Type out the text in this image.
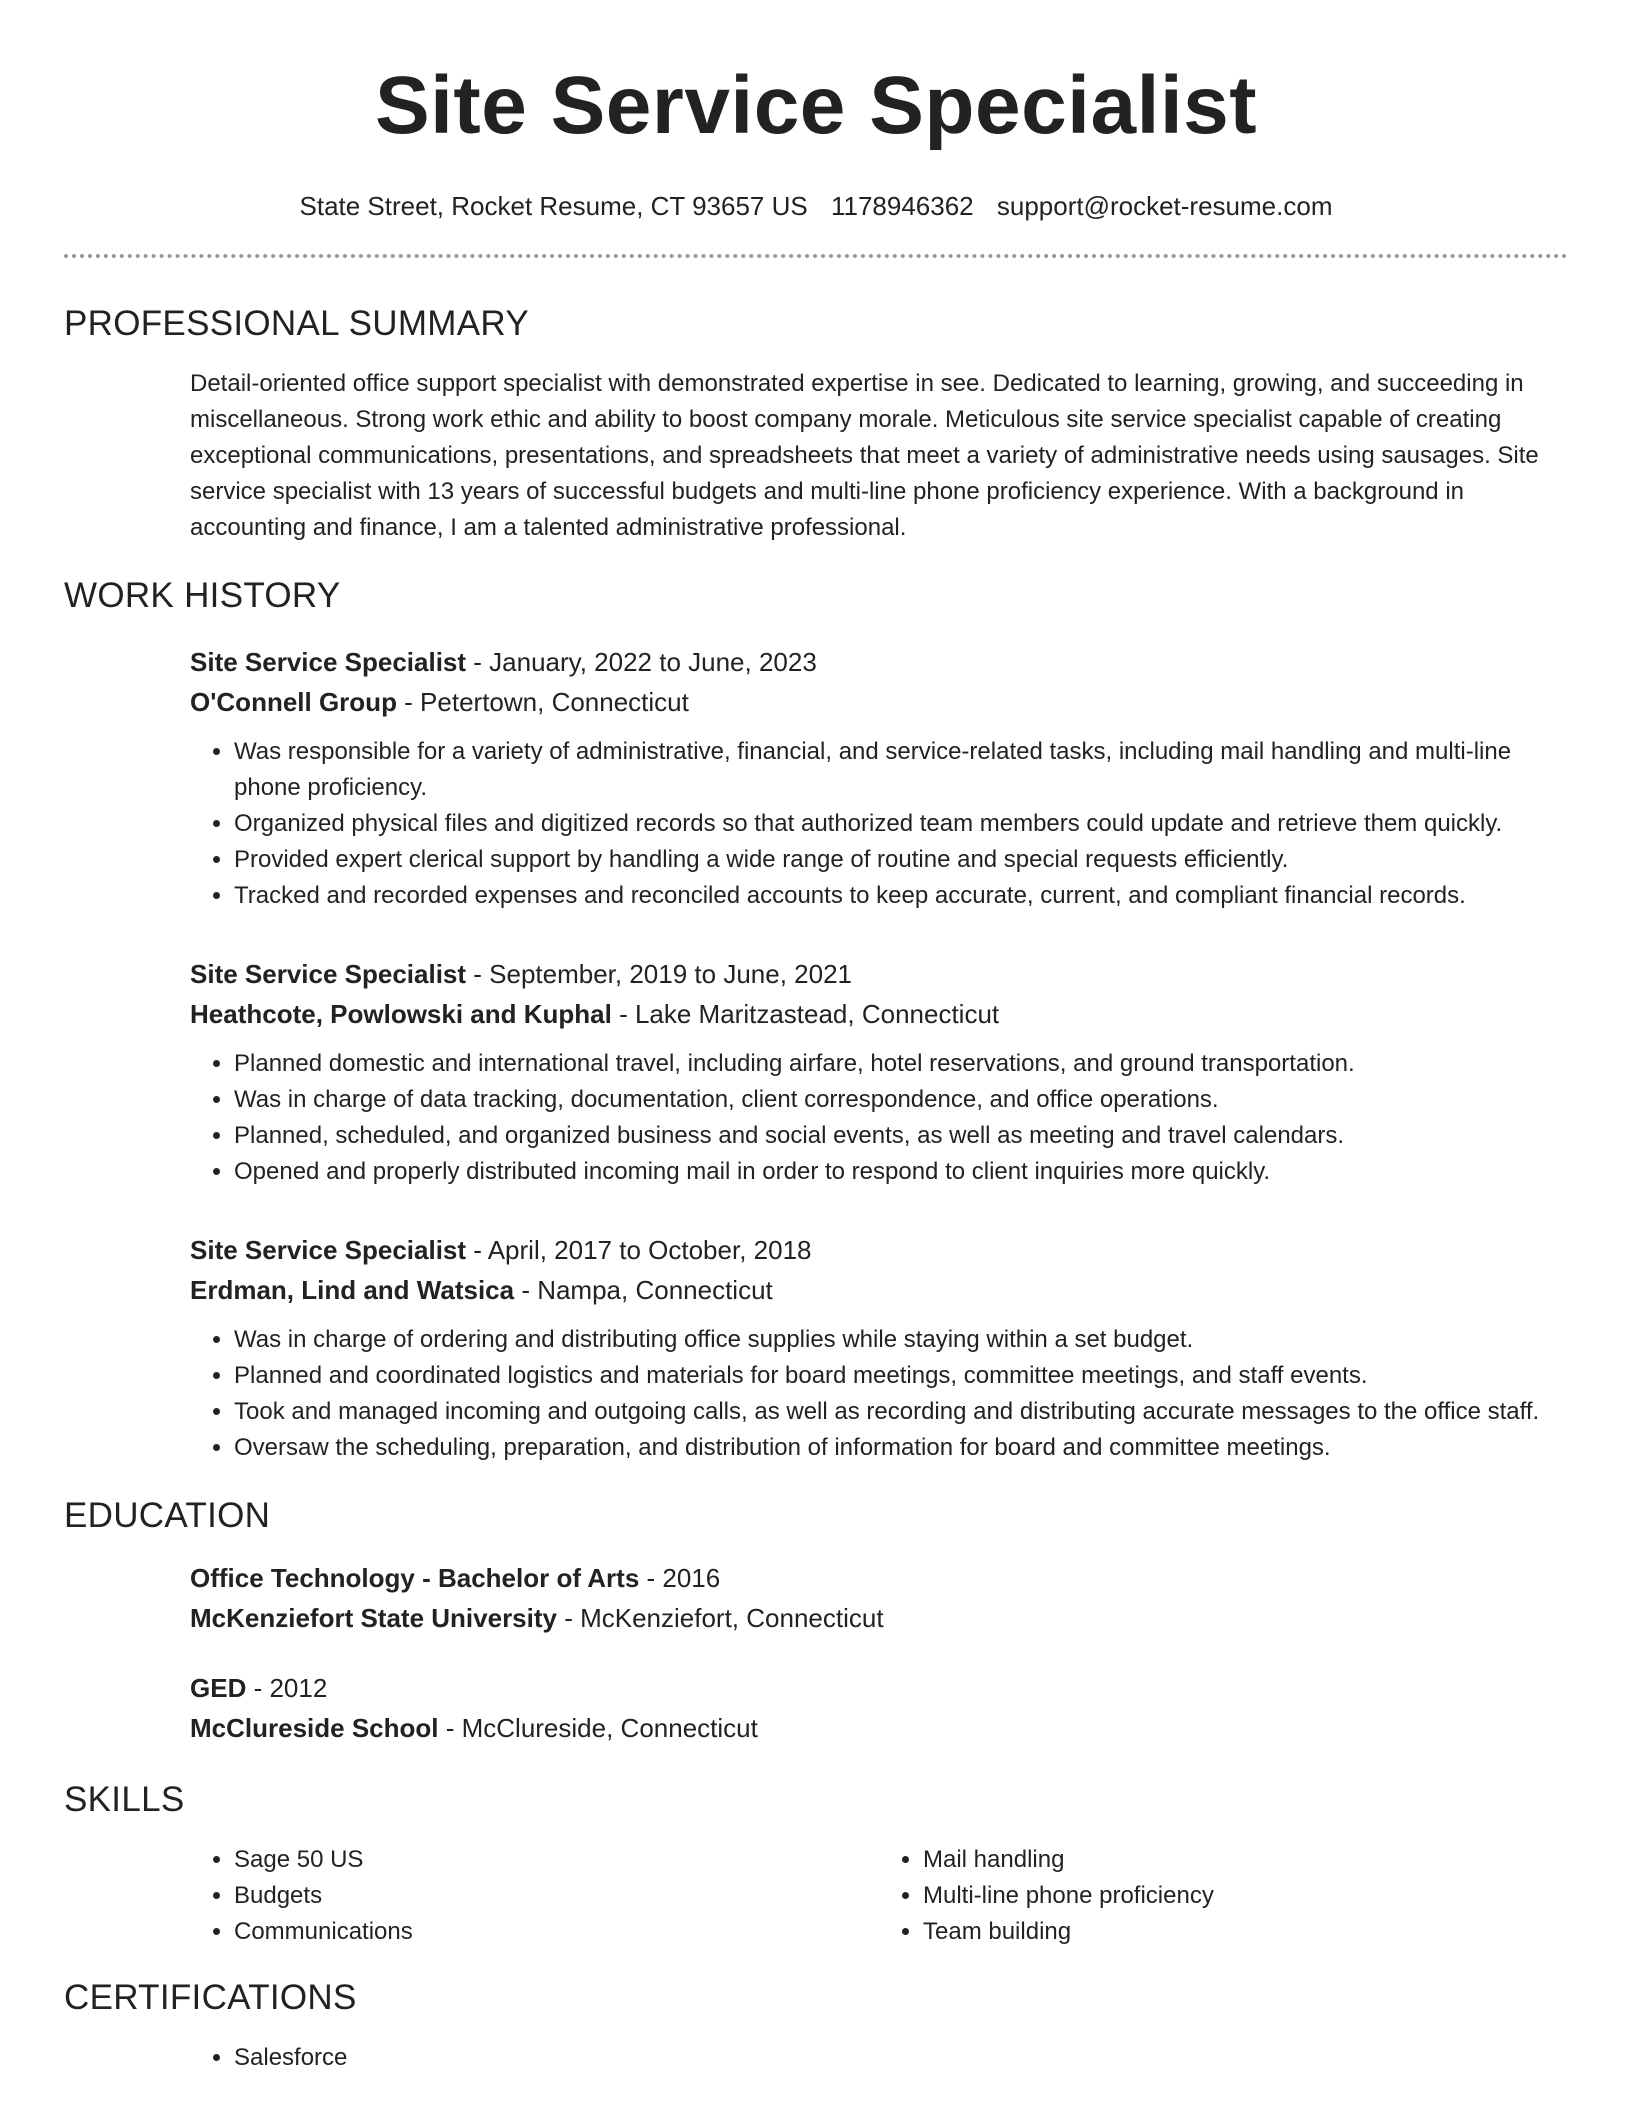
Site Service Specialist
State Street, Rocket Resume, CT 93657 US 1178946362 support@rocket-resume.com
PROFESSIONAL SUMMARY

Detail-oriented office support specialist with demonstrated expertise in see. Dedicated to learning, growing, and succeeding in miscellaneous. Strong work ethic and ability to boost company morale. Meticulous site service specialist capable of creating exceptional communications, presentations, and spreadsheets that meet a variety of administrative needs using sausages. Site service specialist with 13 years of successful budgets and multi-line phone proficiency experience. With a background in accounting and finance, I am a talented administrative professional.

WORK HISTORY
Site Service Specialist - January, 2022 to June, 2023
O'Connell Group - Petertown, Connecticut
• Was responsible for a variety of administrative, financial, and service-related tasks, including mail handling and multi-line phone proficiency.
• Organized physical files and digitized records so that authorized team members could update and retrieve them quickly.
• Provided expert clerical support by handling a wide range of routine and special requests efficiently.
• Tracked and recorded expenses and reconciled accounts to keep accurate, current, and compliant financial records.
Site Service Specialist - September, 2019 to June, 2021
Heathcote, Powlowski and Kuphal - Lake Maritzastead, Connecticut
• Planned domestic and international travel, including airfare, hotel reservations, and ground transportation.
• Was in charge of data tracking, documentation, client correspondence, and office operations.
• Planned, scheduled, and organized business and social events, as well as meeting and travel calendars.
• Opened and properly distributed incoming mail in order to respond to client inquiries more quickly.
Site Service Specialist - April, 2017 to October, 2018
Erdman, Lind and Watsica - Nampa, Connecticut
• Was in charge of ordering and distributing office supplies while staying within a set budget.
• Planned and coordinated logistics and materials for board meetings, committee meetings, and staff events.
• Took and managed incoming and outgoing calls, as well as recording and distributing accurate messages to the office staff.
• Oversaw the scheduling, preparation, and distribution of information for board and committee meetings.
EDUCATION
Office Technology - Bachelor of Arts - 2016
McKenziefort State University - McKenziefort, Connecticut
GED - 2012
McClureside School - McClureside, Connecticut
SKILLS
• Sage 50 US
• Budgets
• Communications
• Mail handling
• Multi-line phone proficiency
• Team building
CERTIFICATIONS
• Salesforce
